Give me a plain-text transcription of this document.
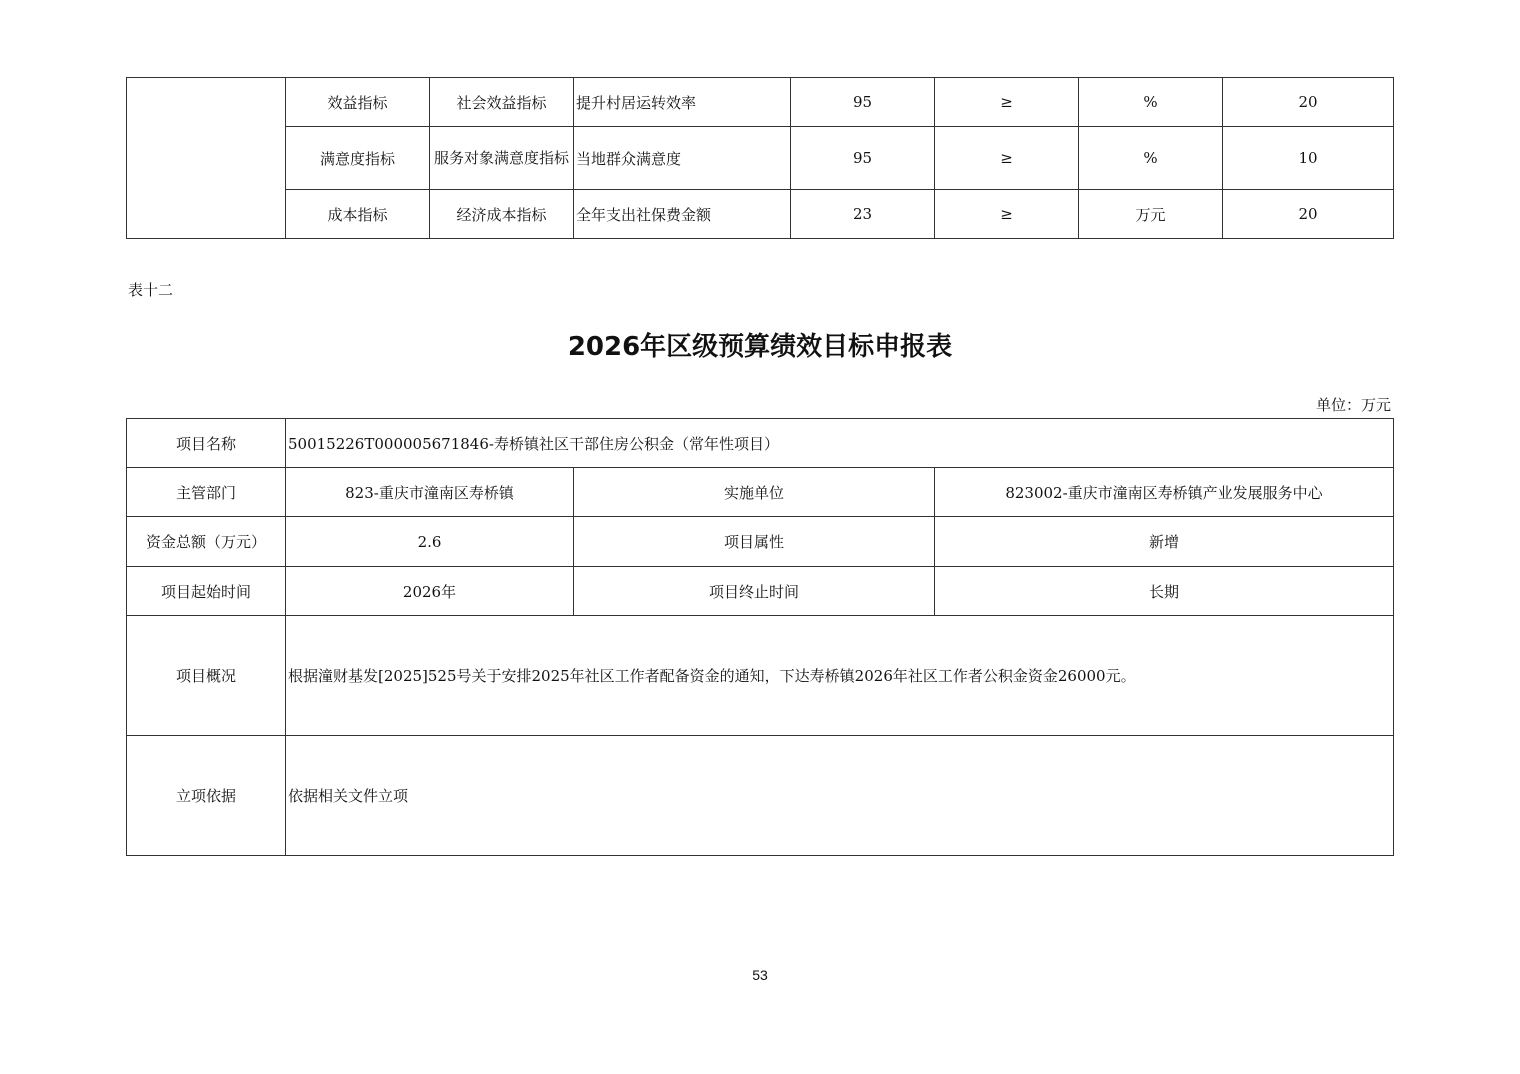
	效益指标	社会效益指标	提升村居运转效率	95	≥	%	20
	满意度指标	服务对象满意度指标	当地群众满意度	95	≥	%	10
	成本指标	经济成本指标	全年支出社保费金额	23	≥	万元	20
表十二
2026年区级预算绩效目标申报表
单位：万元
项目名称	50015226T000005671846-寿桥镇社区干部住房公积金（常年性项目）		
主管部门	823-重庆市潼南区寿桥镇	实施单位	823002-重庆市潼南区寿桥镇产业发展服务中心
资金总额（万元）	2.6	项目属性	新增
项目起始时间	2026年	项目终止时间	长期
项目概况	根据潼财基发[2025]525号关于安排2025年社区工作者配备资金的通知，下达寿桥镇2026年社区工作者公积金资金26000元。		
立项依据	依据相关文件立项		
53
